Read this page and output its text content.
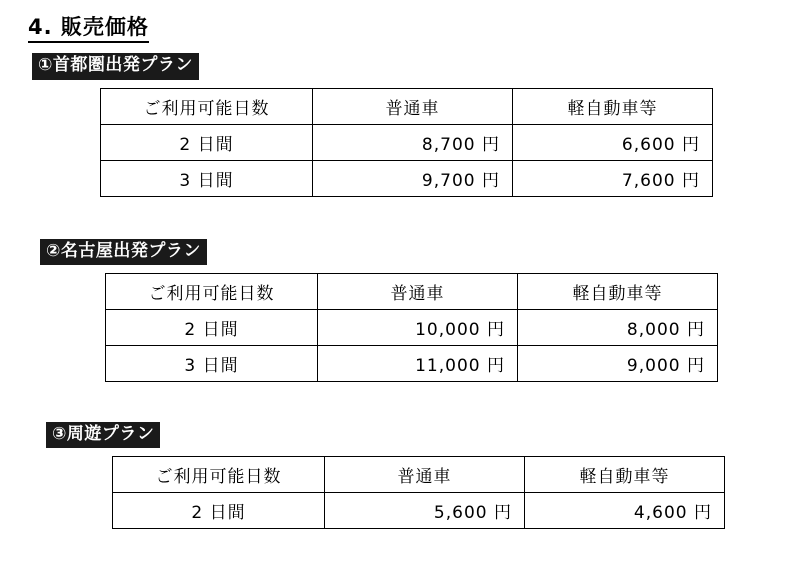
4. 販売価格
①首都圏出発プラン
ご利用可能日数	普通車	軽自動車等
2 日間	8,700 円	6,600 円
3 日間	9,700 円	7,600 円
②名古屋出発プラン
ご利用可能日数	普通車	軽自動車等
2 日間	10,000 円	8,000 円
3 日間	11,000 円	9,000 円
③周遊プラン
ご利用可能日数	普通車	軽自動車等
2 日間	5,600 円	4,600 円
